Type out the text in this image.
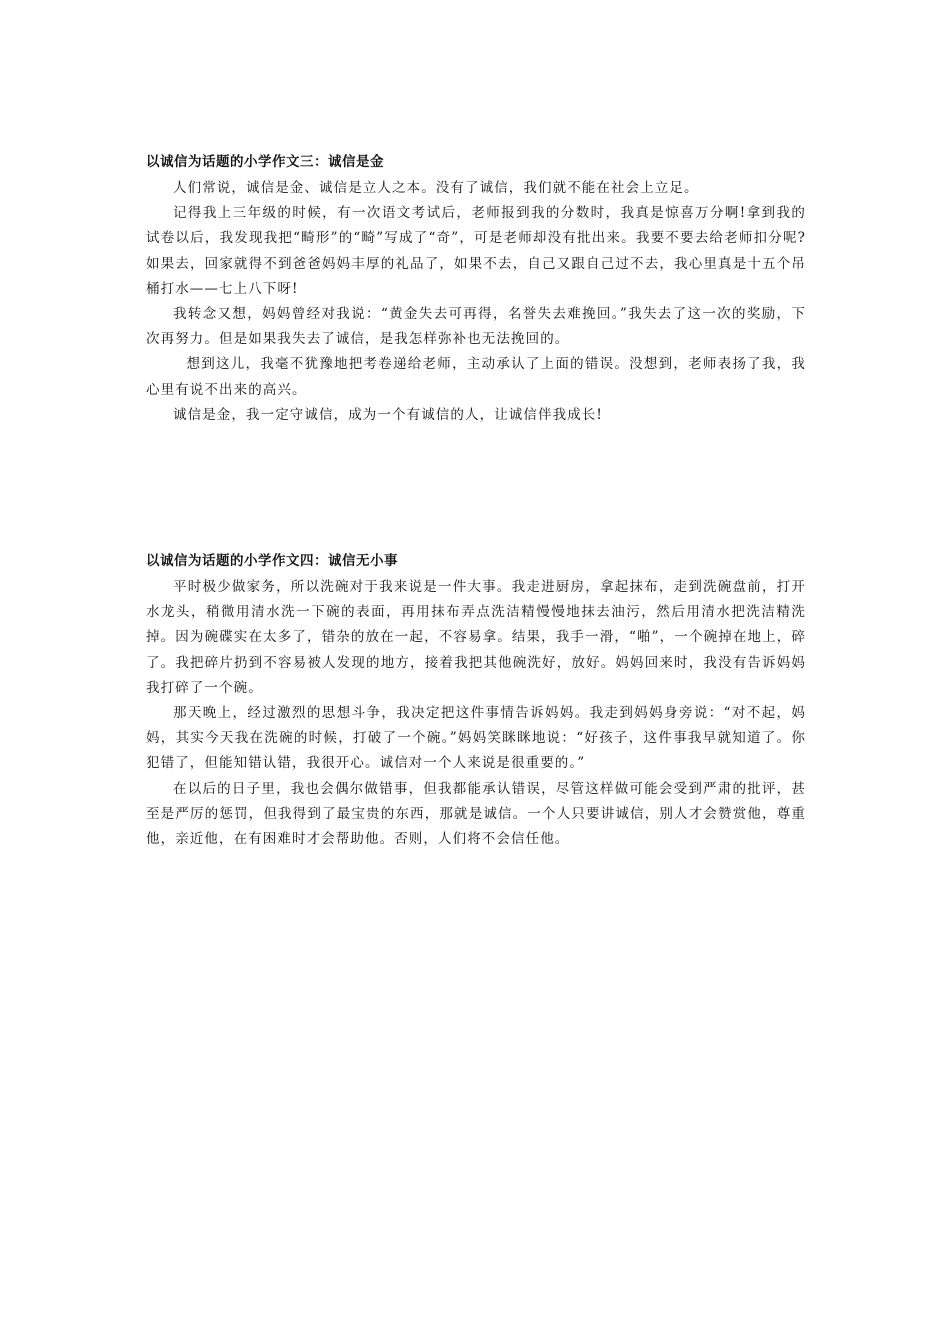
以诚信为话题的小学作文三：诚信是金

人们常说，诚信是金、诚信是立人之本。没有了诚信，我们就不能在社会上立足。

记得我上三年级的时候，有一次语文考试后，老师报到我的分数时，我真是惊喜万分啊!拿到我的试卷以后，我发现我把“畸形”的“畸”写成了“奇”，可是老师却没有批出来。我要不要去给老师扣分呢?如果去，回家就得不到爸爸妈妈丰厚的礼品了，如果不去，自己又跟自己过不去，我心里真是十五个吊桶打水——七上八下呀!

我转念又想，妈妈曾经对我说：“黄金失去可再得，名誉失去难挽回。”我失去了这一次的奖励，下次再努力。但是如果我失去了诚信，是我怎样弥补也无法挽回的。

想到这儿，我毫不犹豫地把考卷递给老师，主动承认了上面的错误。没想到，老师表扬了我，我心里有说不出来的高兴。

诚信是金，我一定守诚信，成为一个有诚信的人，让诚信伴我成长!

以诚信为话题的小学作文四：诚信无小事

平时极少做家务，所以洗碗对于我来说是一件大事。我走进厨房，拿起抹布，走到洗碗盘前，打开水龙头，稍微用清水洗一下碗的表面，再用抹布弄点洗洁精慢慢地抹去油污，然后用清水把洗洁精洗掉。因为碗碟实在太多了，错杂的放在一起，不容易拿。结果，我手一滑，“啪”，一个碗掉在地上，碎了。我把碎片扔到不容易被人发现的地方，接着我把其他碗洗好，放好。妈妈回来时，我没有告诉妈妈我打碎了一个碗。

那天晚上，经过激烈的思想斗争，我决定把这件事情告诉妈妈。我走到妈妈身旁说：“对不起，妈妈，其实今天我在洗碗的时候，打破了一个碗。”妈妈笑眯眯地说：“好孩子，这件事我早就知道了。你犯错了，但能知错认错，我很开心。诚信对一个人来说是很重要的。”

在以后的日子里，我也会偶尔做错事，但我都能承认错误，尽管这样做可能会受到严肃的批评，甚至是严厉的惩罚，但我得到了最宝贵的东西，那就是诚信。一个人只要讲诚信，别人才会赞赏他，尊重他，亲近他，在有困难时才会帮助他。否则，人们将不会信任他。
